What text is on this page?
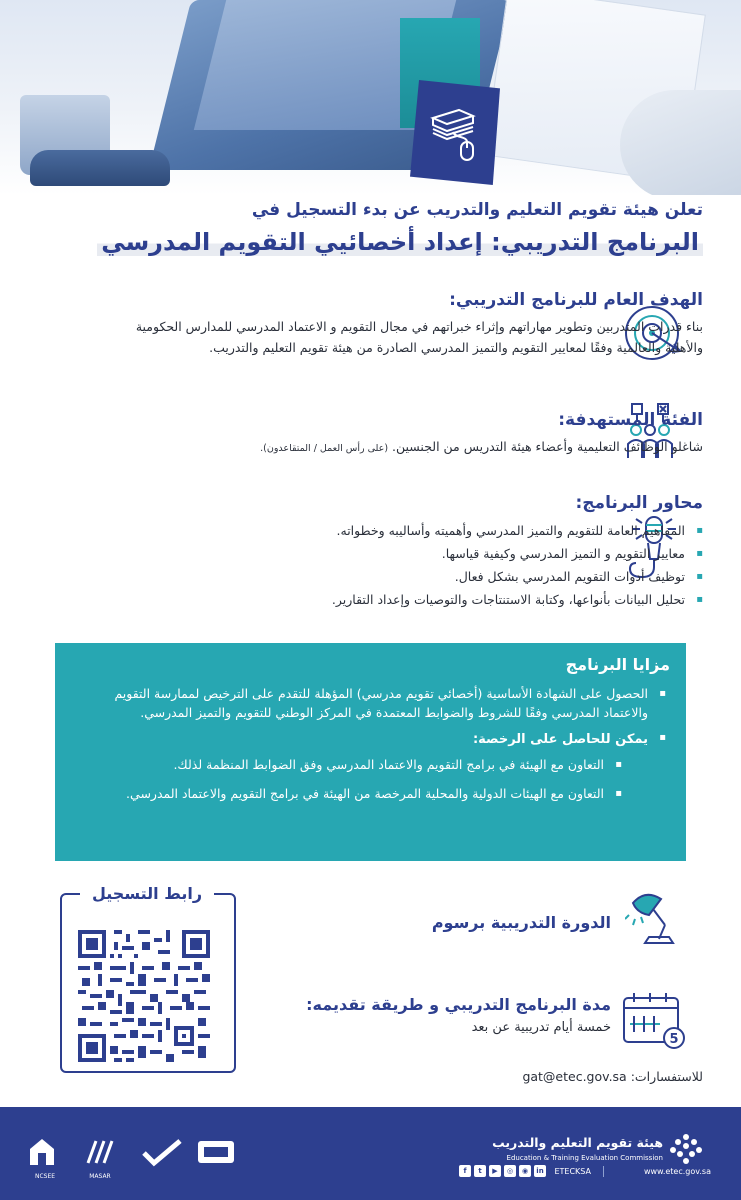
تعلن هيئة تقويم التعليم والتدريب عن بدء التسجيل في
البرنامج التدريبي: إعداد أخصائيي التقويم المدرسي
الهدف العام للبرنامج التدريبي:

بناء قدرات المتدربين وتطوير مهاراتهم وإثراء خبراتهم في مجال التقويم و الاعتماد المدرسي للمدارس الحكومية والأهلية والعالمية وفقًا لمعايير التقويم والتميز المدرسي الصادرة من هيئة تقويم التعليم والتدريب.

الفئة المستهدفة:

شاغلو الوظائف التعليمية وأعضاء هيئة التدريس من الجنسين. (على رأس العمل / المتقاعدون).

محاور البرنامج:
▪ المفاهيم العامة للتقويم والتميز المدرسي وأهميته وأساليبه وخطواته.
▪ معايير التقويم و التميز المدرسي وكيفية قياسها.
▪ توظيف أدوات التقويم المدرسي بشكل فعال.
▪ تحليل البيانات بأنواعها، وكتابة الاستنتاجات والتوصيات وإعداد التقارير.
مزايا البرنامج
▪ الحصول على الشهادة الأساسية (أخصائي تقويم مدرسي) المؤهلة للتقدم على الترخيص لممارسة التقويم والاعتماد المدرسي وفقًا للشروط والضوابط المعتمدة في المركز الوطني للتقويم والتميز المدرسي.
▪ يمكن للحاصل على الرخصة:
▪ التعاون مع الهيئة في برامج التقويم والاعتماد المدرسي وفق الضوابط المنظمة لذلك.
▪ التعاون مع الهيئات الدولية والمحلية المرخصة من الهيئة في برامج التقويم والاعتماد المدرسي.
رابط التسجيل
الدورة التدريبية برسوم
5
مدة البرنامج التدريبي و طريقة تقديمه:
خمسة أيام تدريبية عن بعد
للاستفسارات: gat@etec.gov.sa
هيئة تقويم التعليم والتدريب
Education & Training Evaluation Commission
f	t	▶	◎	◉	in ETECKSA	www.etec.gov.sa
NCSEE	MASAR
